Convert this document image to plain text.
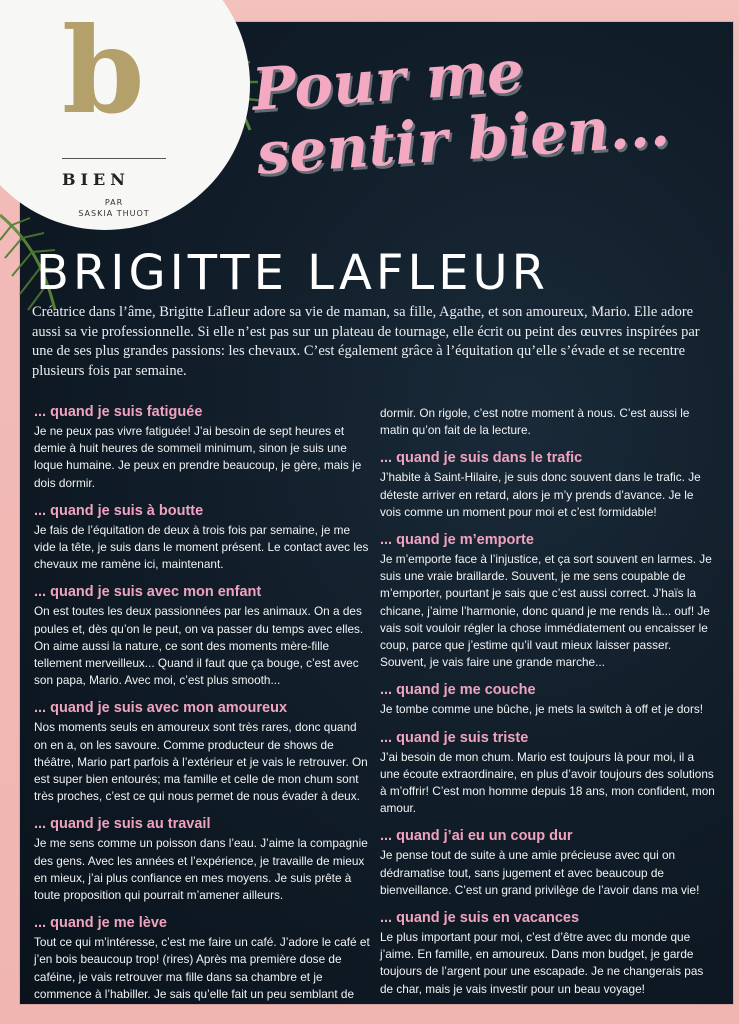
b
BIEN
PAR
SASKIA THUOT
Pour me sentir bien...
BRIGITTE LAFLEUR

Créatrice dans l’âme, Brigitte Lafleur adore sa vie de maman, sa fille, Agathe, et son amoureux, Mario. Elle adore aussi sa vie professionnelle. Si elle n’est pas sur un plateau de tournage, elle écrit ou peint des œuvres inspirées par une de ses plus grandes passions: les chevaux. C’est également grâce à l’équitation qu’elle s’évade et se recentre plusieurs fois par semaine.

... quand je suis fatiguée

Je ne peux pas vivre fatiguée! J’ai besoin de sept heures et demie à huit heures de sommeil minimum, sinon je suis une loque humaine. Je peux en prendre beaucoup, je gère, mais je dois dormir.

... quand je suis à boutte

Je fais de l’équitation de deux à trois fois par semaine, je me vide la tête, je suis dans le moment présent. Le contact avec les chevaux me ramène ici, maintenant.

... quand je suis avec mon enfant

On est toutes les deux passionnées par les animaux. On a des poules et, dès qu’on le peut, on va passer du temps avec elles. On aime aussi la nature, ce sont des moments mère-fille tellement merveilleux... Quand il faut que ça bouge, c’est avec son papa, Mario. Avec moi, c’est plus smooth...

... quand je suis avec mon amoureux

Nos moments seuls en amoureux sont très rares, donc quand on en a, on les savoure. Comme producteur de shows de théâtre, Mario part parfois à l’extérieur et je vais le retrouver. On est super bien entourés; ma famille et celle de mon chum sont très proches, c’est ce qui nous permet de nous évader à deux.

... quand je suis au travail

Je me sens comme un poisson dans l’eau. J’aime la compagnie des gens. Avec les années et l’expérience, je travaille de mieux en mieux, j’ai plus confiance en mes moyens. Je suis prête à toute proposition qui pourrait m’amener ailleurs.

... quand je me lève

Tout ce qui m’intéresse, c’est me faire un café. J’adore le café et j’en bois beaucoup trop! (rires) Après ma première dose de caféine, je vais retrouver ma fille dans sa chambre et je commence à l’habiller. Je sais qu’elle fait un peu semblant de

dormir. On rigole, c’est notre moment à nous. C’est aussi le matin qu’on fait de la lecture.

... quand je suis dans le trafic

J’habite à Saint-Hilaire, je suis donc souvent dans le trafic. Je déteste arriver en retard, alors je m’y prends d’avance. Je le vois comme un moment pour moi et c’est formidable!

... quand je m’emporte

Je m’emporte face à l’injustice, et ça sort souvent en larmes. Je suis une vraie braillarde. Souvent, je me sens coupable de m’emporter, pourtant je sais que c’est aussi correct. J’haïs la chicane, j’aime l’harmonie, donc quand je me rends là... ouf! Je vais soit vouloir régler la chose immédiatement ou encaisser le coup, parce que j’estime qu’il vaut mieux laisser passer. Souvent, je vais faire une grande marche...

... quand je me couche

Je tombe comme une bûche, je mets la switch à off et je dors!

... quand je suis triste

J’ai besoin de mon chum. Mario est toujours là pour moi, il a une écoute extraordinaire, en plus d’avoir toujours des solutions à m’offrir! C’est mon homme depuis 18 ans, mon confident, mon amour.

... quand j’ai eu un coup dur

Je pense tout de suite à une amie précieuse avec qui on dédramatise tout, sans jugement et avec beaucoup de bienveillance. C’est un grand privilège de l’avoir dans ma vie!

... quand je suis en vacances

Le plus important pour moi, c’est d’être avec du monde que j’aime. En famille, en amoureux. Dans mon budget, je garde toujours de l’argent pour une escapade. Je ne changerais pas de char, mais je vais investir pour un beau voyage!
